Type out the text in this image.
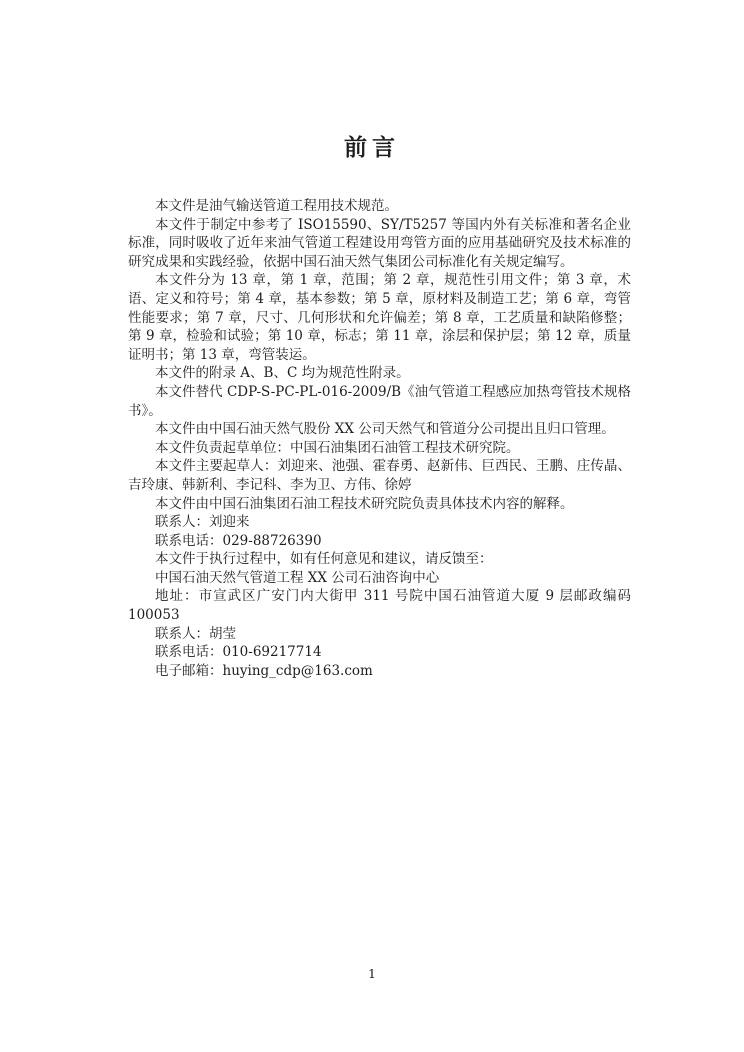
前言

本文件是油气输送管道工程用技术规范。

本文件于制定中参考了 ISO15590、SY/T5257 等国内外有关标准和著名企业标准，同时吸收了近年来油气管道工程建设用弯管方面的应用基础研究及技术标准的研究成果和实践经验，依据中国石油天然气集团公司标准化有关规定编写。

本文件分为 13 章，第 1 章，范围；第 2 章，规范性引用文件；第 3 章，术语、定义和符号；第 4 章，基本参数；第 5 章，原材料及制造工艺；第 6 章，弯管性能要求；第 7 章，尺寸、几何形状和允许偏差；第 8 章，工艺质量和缺陷修整；第 9 章，检验和试验；第 10 章，标志；第 11 章，涂层和保护层；第 12 章，质量证明书；第 13 章，弯管装运。

本文件的附录 A、B、C 均为规范性附录。

本文件替代 CDP-S-PC-PL-016-2009/B《油气管道工程感应加热弯管技术规格书》。

本文件由中国石油天然气股份 XX 公司天然气和管道分公司提出且归口管理。

本文件负责起草单位：中国石油集团石油管工程技术研究院。

本文件主要起草人：刘迎来、池强、霍春勇、赵新伟、巨西民、王鹏、庄传晶、吉玲康、韩新利、李记科、李为卫、方伟、徐婷

本文件由中国石油集团石油工程技术研究院负责具体技术内容的解释。

联系人：刘迎来

联系电话：029-88726390

本文件于执行过程中，如有任何意见和建议，请反馈至：

中国石油天然气管道工程 XX 公司石油咨询中心

地址：市宣武区广安门内大街甲 311 号院中国石油管道大厦 9 层邮政编码 100053

联系人：胡莹

联系电话：010-69217714

电子邮箱：huying_cdp@163.com

1
